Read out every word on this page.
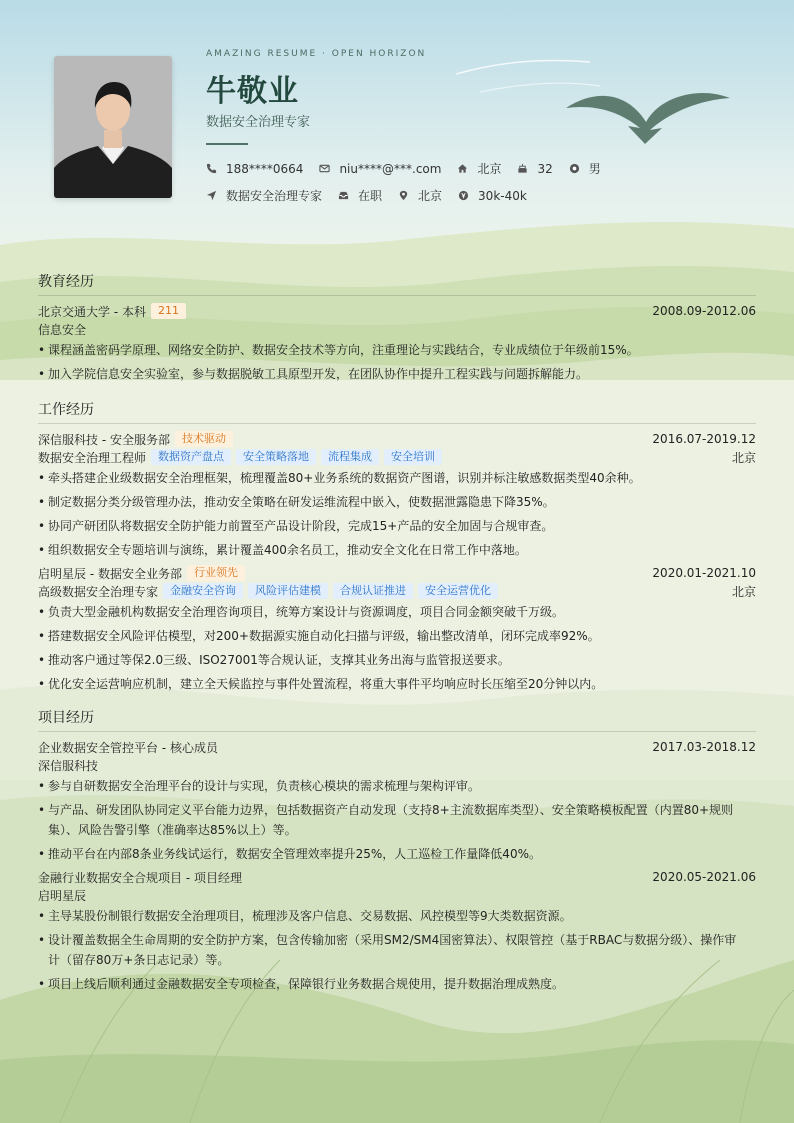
AMAZING RESUME · OPEN HORIZON
牛敬业
数据安全治理专家
188****0664	niu****@***.com	北京	32	男
数据安全治理专家	在职	北京	30k-40k
教育经历
北京交通大学 - 本科	211	2008.09-2012.06
信息安全
• 课程涵盖密码学原理、网络安全防护、数据安全技术等方向，注重理论与实践结合，专业成绩位于年级前15%。
• 加入学院信息安全实验室，参与数据脱敏工具原型开发，在团队协作中提升工程实践与问题拆解能力。
工作经历
深信服科技 - 安全服务部	技术驱动	2016.07-2019.12
数据安全治理工程师	数据资产盘点	安全策略落地	流程集成	安全培训	北京
• 牵头搭建企业级数据安全治理框架，梳理覆盖80+业务系统的数据资产图谱，识别并标注敏感数据类型40余种。
• 制定数据分类分级管理办法，推动安全策略在研发运维流程中嵌入，使数据泄露隐患下降35%。
• 协同产研团队将数据安全防护能力前置至产品设计阶段，完成15+产品的安全加固与合规审查。
• 组织数据安全专题培训与演练，累计覆盖400余名员工，推动安全文化在日常工作中落地。
启明星辰 - 数据安全业务部	行业领先	2020.01-2021.10
高级数据安全治理专家	金融安全咨询	风险评估建模	合规认证推进	安全运营优化	北京
• 负责大型金融机构数据安全治理咨询项目，统筹方案设计与资源调度，项目合同金额突破千万级。
• 搭建数据安全风险评估模型，对200+数据源实施自动化扫描与评级，输出整改清单，闭环完成率92%。
• 推动客户通过等保2.0三级、ISO27001等合规认证，支撑其业务出海与监管报送要求。
• 优化安全运营响应机制，建立全天候监控与事件处置流程，将重大事件平均响应时长压缩至20分钟以内。
项目经历
企业数据安全管控平台 - 核心成员	2017.03-2018.12
深信服科技
• 参与自研数据安全治理平台的设计与实现，负责核心模块的需求梳理与架构评审。
• 与产品、研发团队协同定义平台能力边界，包括数据资产自动发现（支持8+主流数据库类型）、安全策略模板配置（内置80+规则集）、风险告警引擎（准确率达85%以上）等。
• 推动平台在内部8条业务线试运行，数据安全管理效率提升25%，人工巡检工作量降低40%。
金融行业数据安全合规项目 - 项目经理	2020.05-2021.06
启明星辰
• 主导某股份制银行数据安全治理项目，梳理涉及客户信息、交易数据、风控模型等9大类数据资源。
• 设计覆盖数据全生命周期的安全防护方案，包含传输加密（采用SM2/SM4国密算法）、权限管控（基于RBAC与数据分级）、操作审计（留存80万+条日志记录）等。
• 项目上线后顺利通过金融数据安全专项检查，保障银行业务数据合规使用，提升数据治理成熟度。
